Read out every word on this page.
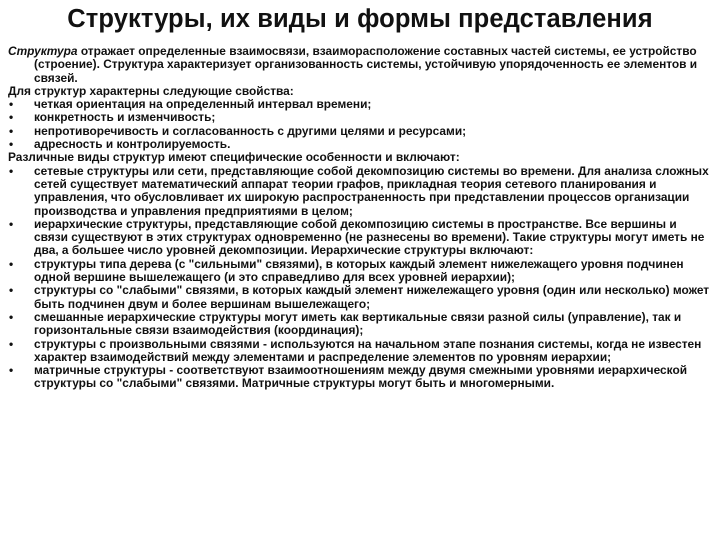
Структуры, их виды и формы представления

Структура отражает определенные взаимосвязи, взаиморасположение составных частей системы, ее устройство (строение). Структура характеризует организованность системы, устойчивую упорядоченность ее элементов и связей.

Для структур характерны следующие свойства:

• четкая ориентация на определенный интервал времени;
• конкретность и изменчивость;
• непротиворечивость и согласованность с другими целями и ресурсами;
• адресность и контролируемость.

Различные виды структур имеют специфические особенности и включают:

• сетевые структуры или сети, представляющие собой декомпозицию системы во времени. Для анализа сложных сетей существует математический аппарат теории графов, прикладная теория сетевого планирования и управления, что обусловливает их широкую распространенность при представлении процессов организации производства и управления предприятиями в целом;
• иерархические структуры, представляющие собой декомпозицию системы в пространстве. Все вершины и связи существуют в этих структурах одновременно (не разнесены во времени). Такие структуры могут иметь не два, а большее число уровней декомпозиции. Иерархические структуры включают:
• структуры типа дерева (с "сильными" связями), в которых каждый элемент нижележащего уровня подчинен одной вершине вышележащего (и это справедливо для всех уровней иерархии);
• структуры со "слабыми" связями, в которых каждый элемент нижележащего уровня (один или несколько) может быть подчинен двум и более вершинам вышележащего;
• смешанные иерархические структуры могут иметь как вертикальные связи разной силы (управление), так и горизонтальные связи взаимодействия (координация);
• структуры с произвольными связями - используются на начальном этапе познания системы, когда не известен характер взаимодействий между элементами и распределение элементов по уровням иерархии;
• матричные структуры - соответствуют взаимоотношениям между двумя смежными уровнями иерархической структуры со "слабыми" связями. Матричные структуры могут быть и многомерными.
